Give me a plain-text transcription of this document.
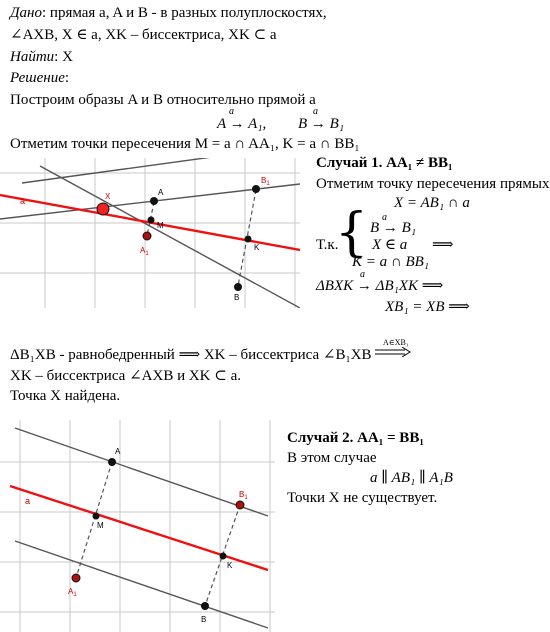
Дано: прямая a, A и B - в разных полуплоскостях,
∠AXB, X ∈ a, XK – биссектриса, XK ⊂ a
Найти: X
Решение:
Построим образы A и B относительно прямой a
a
A → A₁,
a
B → B₁
Отметим точки пересечения M = a ∩ AA₁, K = a ∩ BB₁
Случай 1. AA₁ ≠ BB₁
Отметим точку пересечения прямых
X = AB₁ ∩ a
Т.к.
{ a
B → B₁
X ∈ a
K = a ∩ BB₁
⟹
a
ΔBXK → ΔB₁XK ⟹
XB₁ = XB ⟹
A∈XB₁
ΔB₁XB - равнобедренный ⟹ XK – биссектриса ∠B₁XB
XK – биссектриса ∠AXB и XK ⊂ a.
Точка X найдена.
Случай 2. AA₁ = BB₁
В этом случае
a ∥ AB₁ ∥ A₁B
Точки X не существует.
a	X	A
M
$A_1$
$B_1$
K
B
a
A
M
$A_1$
$B_1$
K
B
